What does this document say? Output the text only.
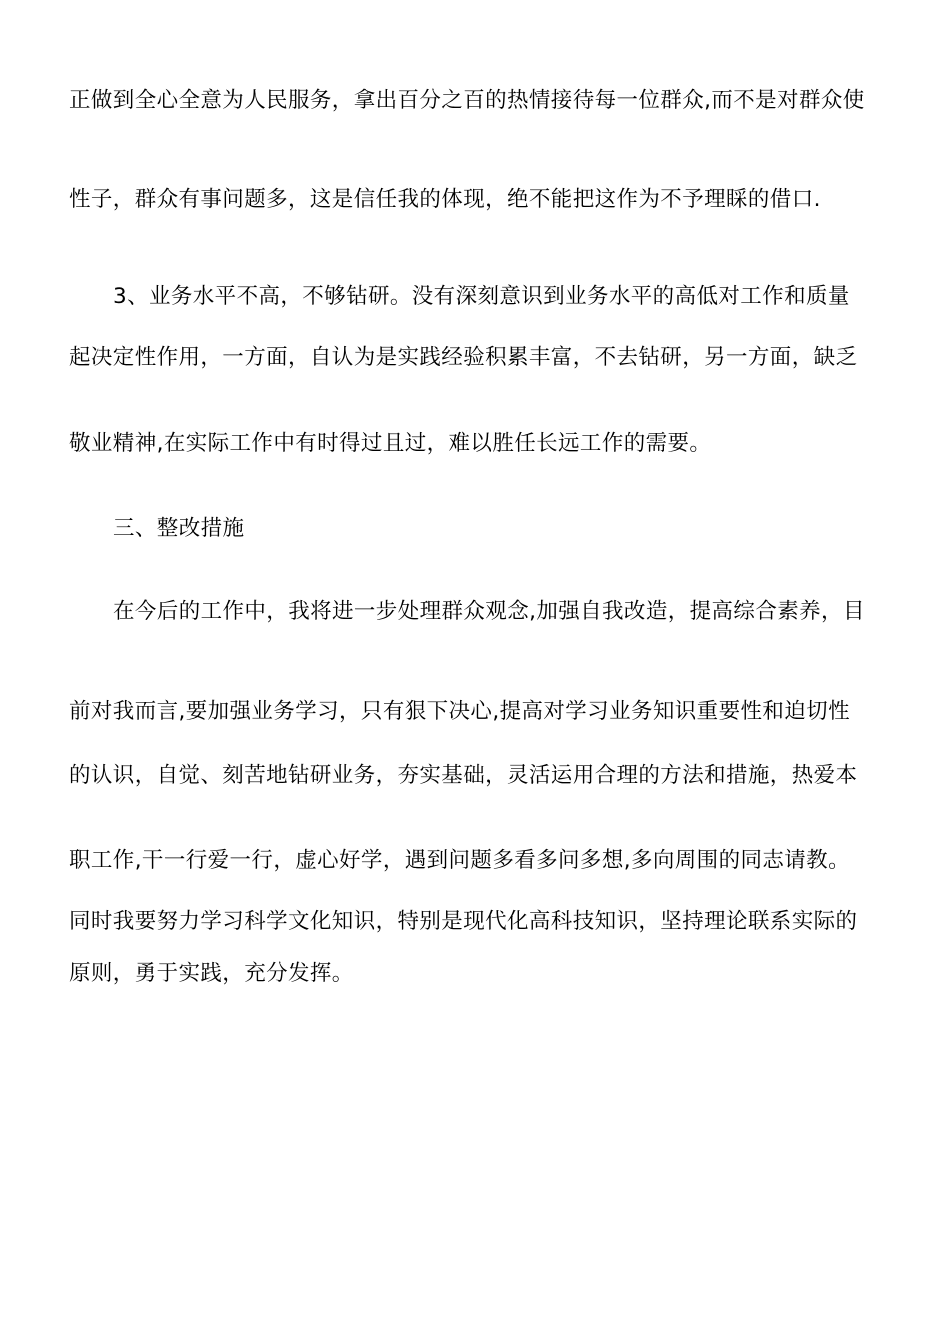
正做到全心全意为人民服务，拿出百分之百的热情接待每一位群众,而不是对群众使
性子，群众有事问题多，这是信任我的体现，绝不能把这作为不予理睬的借口.
3、业务水平不高，不够钻研。没有深刻意识到业务水平的高低对工作和质量
起决定性作用，一方面，自认为是实践经验积累丰富，不去钻研，另一方面，缺乏
敬业精神,在实际工作中有时得过且过，难以胜任长远工作的需要。
三、整改措施
在今后的工作中，我将进一步处理群众观念,加强自我改造，提高综合素养，目
前对我而言,要加强业务学习，只有狠下决心,提高对学习业务知识重要性和迫切性
的认识，自觉、刻苦地钻研业务，夯实基础，灵活运用合理的方法和措施，热爱本
职工作,干一行爱一行，虚心好学，遇到问题多看多问多想,多向周围的同志请教。
同时我要努力学习科学文化知识，特别是现代化高科技知识，坚持理论联系实际的
原则，勇于实践，充分发挥。
